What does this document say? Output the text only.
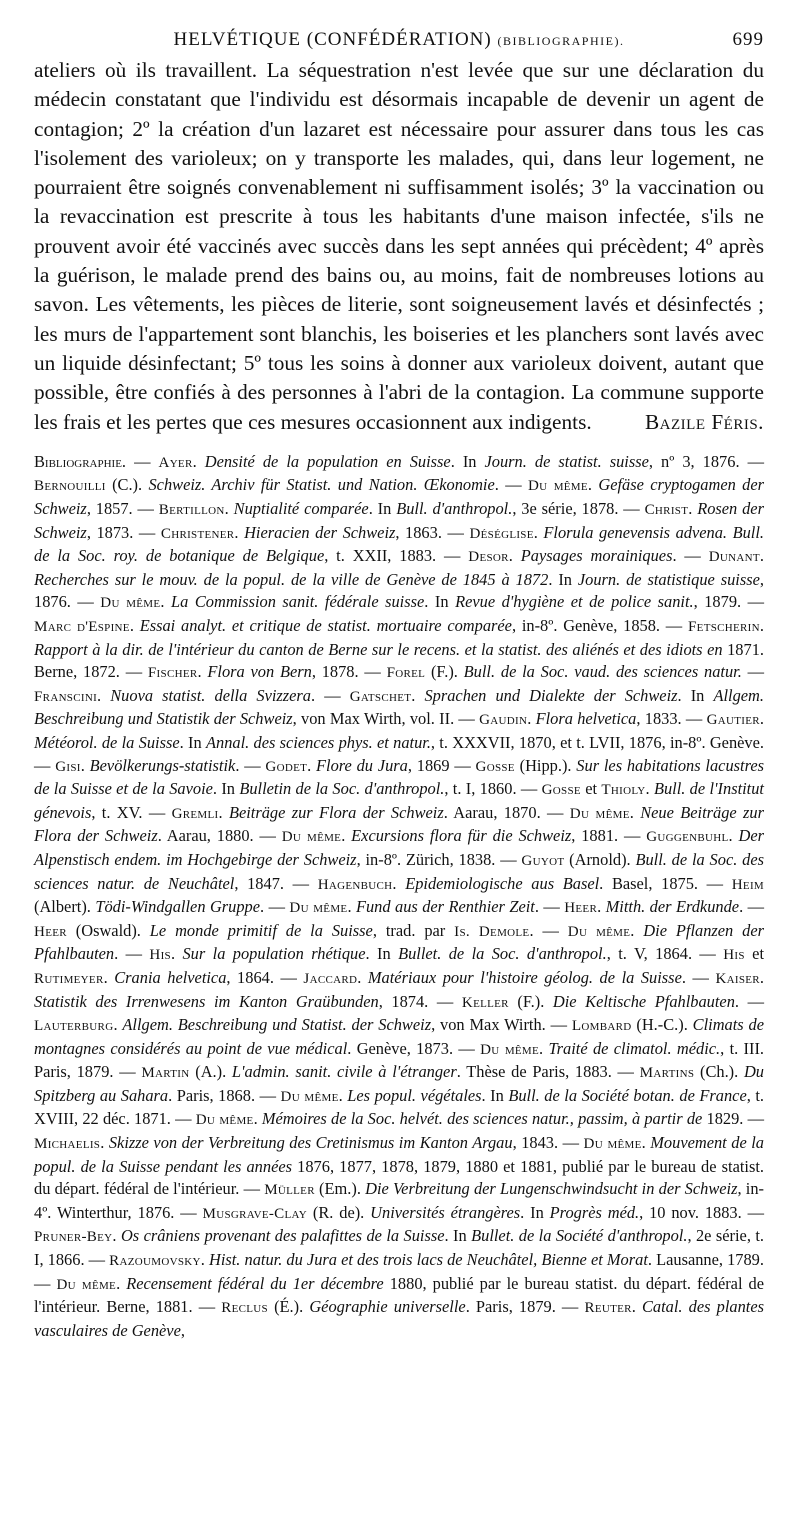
HELVÉTIQUE (CONFÉDÉRATION) (BIBLIOGRAPHIE).	699

ateliers où ils travaillent. La séquestration n'est levée que sur une déclaration du médecin constatant que l'individu est désormais incapable de devenir un agent de contagion; 2º la création d'un lazaret est nécessaire pour assurer dans tous les cas l'isolement des varioleux; on y transporte les malades, qui, dans leur logement, ne pourraient être soignés convenablement ni suffisamment isolés; 3º la vaccination ou la revaccination est prescrite à tous les habitants d'une maison infectée, s'ils ne prouvent avoir été vaccinés avec succès dans les sept années qui précèdent; 4º après la guérison, le malade prend des bains ou, au moins, fait de nombreuses lotions au savon. Les vêtements, les pièces de literie, sont soigneusement lavés et désinfectés ; les murs de l'appartement sont blanchis, les boiseries et les planchers sont lavés avec un liquide désinfectant; 5º tous les soins à donner aux varioleux doivent, autant que possible, être confiés à des personnes à l'abri de la contagion. La commune supporte les frais et les pertes que ces mesures occasionnent aux indigents.	Bazile Féris.

Bibliographie. — Ayer. Densité de la population en Suisse. In Journ. de statist. suisse, nº 3, 1876. — Bernouilli (C.). Schweiz. Archiv für Statist. und Nation. Œkonomie. — Du même. Gefäse cryptogamen der Schweiz, 1857. — Bertillon. Nuptialité comparée. In Bull. d'anthropol., 3e série, 1878. — Christ. Rosen der Schweiz, 1873. — Christener. Hieracien der Schweiz, 1863. — Déséglise. Florula genevensis advena. Bull. de la Soc. roy. de botanique de Belgique, t. XXII, 1883. — Desor. Paysages morainiques. — Dunant. Recherches sur le mouv. de la popul. de la ville de Genève de 1845 à 1872. In Journ. de statistique suisse, 1876. — Du même. La Commission sanit. fédérale suisse. In Revue d'hygiène et de police sanit., 1879. — Marc d'Espine. Essai analyt. et critique de statist. mortuaire comparée, in-8º. Genève, 1858. — Fetscherin. Rapport à la dir. de l'intérieur du canton de Berne sur le recens. et la statist. des aliénés et des idiots en 1871. Berne, 1872. — Fischer. Flora von Bern, 1878. — Forel (F.). Bull. de la Soc. vaud. des sciences natur. — Franscini. Nuova statist. della Svizzera. — Gatschet. Sprachen und Dialekte der Schweiz. In Allgem. Beschreibung und Statistik der Schweiz, von Max Wirth, vol. II. — Gaudin. Flora helvetica, 1833. — Gautier. Météorol. de la Suisse. In Annal. des sciences phys. et natur., t. XXXVII, 1870, et t. LVII, 1876, in-8º. Genève. — Gisi. Bevölkerungs-statistik. — Godet. Flore du Jura, 1869 — Gosse (Hipp.). Sur les habitations lacustres de la Suisse et de la Savoie. In Bulletin de la Soc. d'anthropol., t. I, 1860. — Gosse et Thioly. Bull. de l'Institut génevois, t. XV. — Gremli. Beiträge zur Flora der Schweiz. Aarau, 1870. — Du même. Neue Beiträge zur Flora der Schweiz. Aarau, 1880. — Du même. Excursions flora für die Schweiz, 1881. — Guggenbuhl. Der Alpenstisch endem. im Hochgebirge der Schweiz, in-8º. Zürich, 1838. — Guyot (Arnold). Bull. de la Soc. des sciences natur. de Neuchâtel, 1847. — Hagenbuch. Epidemiologische aus Basel. Basel, 1875. — Heim (Albert). Tödi-Windgallen Gruppe. — Du même. Fund aus der Renthier Zeit. — Heer. Mitth. der Erdkunde. — Heer (Oswald). Le monde primitif de la Suisse, trad. par Is. Demole. — Du même. Die Pflanzen der Pfahlbauten. — His. Sur la population rhétique. In Bullet. de la Soc. d'anthropol., t. V, 1864. — His et Rutimeyer. Crania helvetica, 1864. — Jaccard. Matériaux pour l'histoire géolog. de la Suisse. — Kaiser. Statistik des Irrenwesens im Kanton Graübunden, 1874. — Keller (F.). Die Keltische Pfahlbauten. — Lauterburg. Allgem. Beschreibung und Statist. der Schweiz, von Max Wirth. — Lombard (H.-C.). Climats de montagnes considérés au point de vue médical. Genève, 1873. — Du même. Traité de climatol. médic., t. III. Paris, 1879. — Martin (A.). L'admin. sanit. civile à l'étranger. Thèse de Paris, 1883. — Martins (Ch.). Du Spitzberg au Sahara. Paris, 1868. — Du même. Les popul. végétales. In Bull. de la Société botan. de France, t. XVIII, 22 déc. 1871. — Du même. Mémoires de la Soc. helvét. des sciences natur., passim, à partir de 1829. — Michaelis. Skizze von der Verbreitung des Cretinismus im Kanton Argau, 1843. — Du même. Mouvement de la popul. de la Suisse pendant les années 1876, 1877, 1878, 1879, 1880 et 1881, publié par le bureau de statist. du départ. fédéral de l'intérieur. — Müller (Em.). Die Verbreitung der Lungenschwindsucht in der Schweiz, in-4º. Winterthur, 1876. — Musgrave-Clay (R. de). Universités étrangères. In Progrès méd., 10 nov. 1883. — Pruner-Bey. Os crâniens provenant des palafittes de la Suisse. In Bullet. de la Société d'anthropol., 2e série, t. I, 1866. — Razoumovsky. Hist. natur. du Jura et des trois lacs de Neuchâtel, Bienne et Morat. Lausanne, 1789. — Du même. Recensement fédéral du 1er décembre 1880, publié par le bureau statist. du départ. fédéral de l'intérieur. Berne, 1881. — Reclus (É.). Géographie universelle. Paris, 1879. — Reuter. Catal. des plantes vasculaires de Genève,
